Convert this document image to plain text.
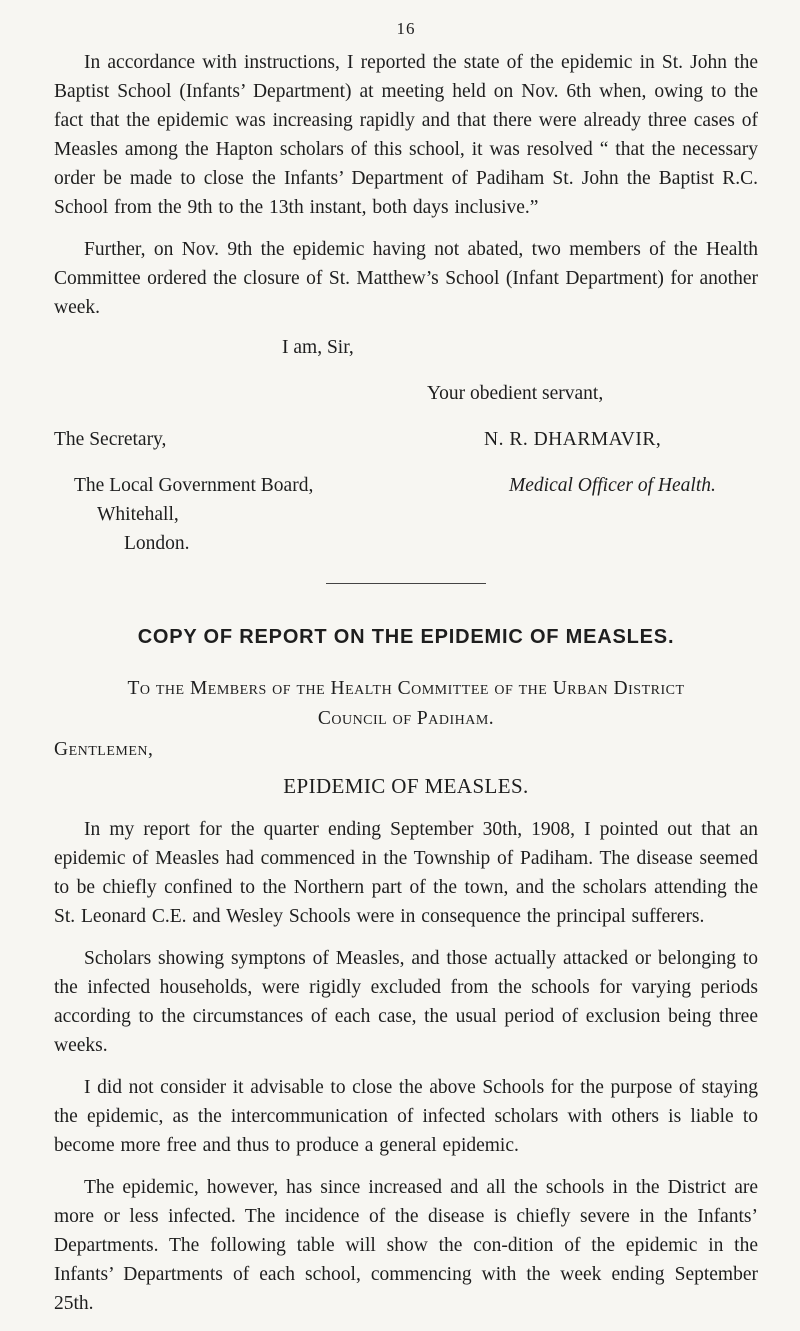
16

In accordance with instructions, I reported the state of the epidemic in St. John the Baptist School (Infants’ Department) at meeting held on Nov. 6th when, owing to the fact that the epidemic was increasing rapidly and that there were already three cases of Measles among the Hapton scholars of this school, it was resolved “ that the necessary order be made to close the Infants’ Department of Padiham St. John the Baptist R.C. School from the 9th to the 13th instant, both days inclusive.”

Further, on Nov. 9th the epidemic having not abated, two members of the Health Committee ordered the closure of St. Matthew’s School (Infant Department) for another week.

I am, Sir,
Your obedient servant,
The Secretary,
The Local Government Board,
Whitehall,
London.
N. R. DHARMAVIR,
Medical Officer of Health.
COPY OF REPORT ON THE EPIDEMIC OF MEASLES.
To the Members of the Health Committee of the Urban District
Council of Padiham.
Gentlemen,
EPIDEMIC OF MEASLES.

In my report for the quarter ending September 30th, 1908, I pointed out that an epidemic of Measles had commenced in the Township of Padiham. The disease seemed to be chiefly confined to the Northern part of the town, and the scholars attending the St. Leonard C.E. and Wesley Schools were in consequence the principal sufferers.

Scholars showing symptons of Measles, and those actually attacked or belonging to the infected households, were rigidly excluded from the schools for varying periods according to the circumstances of each case, the usual period of exclusion being three weeks.

I did not consider it advisable to close the above Schools for the purpose of staying the epidemic, as the intercommunication of infected scholars with others is liable to become more free and thus to produce a general epidemic.

The epidemic, however, has since increased and all the schools in the District are more or less infected. The incidence of the disease is chiefly severe in the Infants’ Departments. The following table will show the con-dition of the epidemic in the Infants’ Departments of each school, commencing with the week ending September 25th.
